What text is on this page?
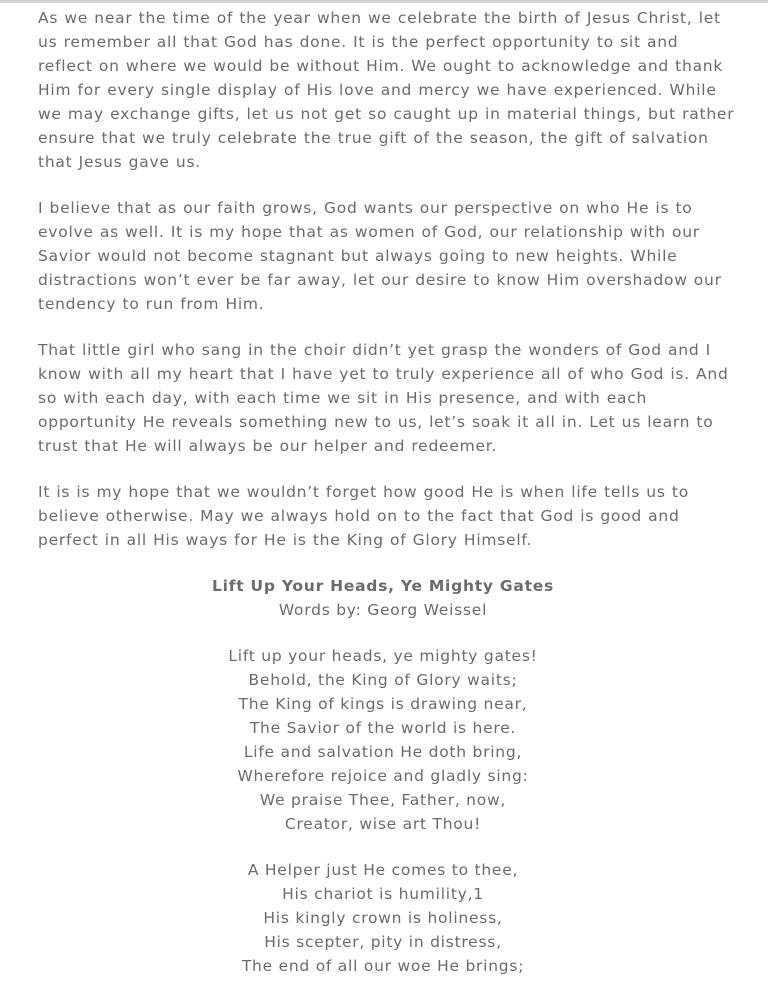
As we near the time of the year when we celebrate the birth of Jesus Christ, let us remember all that God has done. It is the perfect opportunity to sit and reflect on where we would be without Him. We ought to acknowledge and thank Him for every single display of His love and mercy we have experienced. While we may exchange gifts, let us not get so caught up in material things, but rather ensure that we truly celebrate the true gift of the season, the gift of salvation that Jesus gave us.

I believe that as our faith grows, God wants our perspective on who He is to evolve as well. It is my hope that as women of God, our relationship with our Savior would not become stagnant but always going to new heights. While distractions won’t ever be far away, let our desire to know Him overshadow our tendency to run from Him.

That little girl who sang in the choir didn’t yet grasp the wonders of God and I know with all my heart that I have yet to truly experience all of who God is. And so with each day, with each time we sit in His presence, and with each opportunity He reveals something new to us, let’s soak it all in. Let us learn to trust that He will always be our helper and redeemer.

It is is my hope that we wouldn’t forget how good He is when life tells us to believe otherwise. May we always hold on to the fact that God is good and perfect in all His ways for He is the King of Glory Himself.

Lift Up Your Heads, Ye Mighty Gates
Words by: Georg Weissel
Lift up your heads, ye mighty gates!
Behold, the King of Glory waits;
The King of kings is drawing near,
The Savior of the world is here.
Life and salvation He doth bring,
Wherefore rejoice and gladly sing:
We praise Thee, Father, now,
Creator, wise art Thou!
A Helper just He comes to thee,
His chariot is humility,1
His kingly crown is holiness,
His scepter, pity in distress,
The end of all our woe He brings;
